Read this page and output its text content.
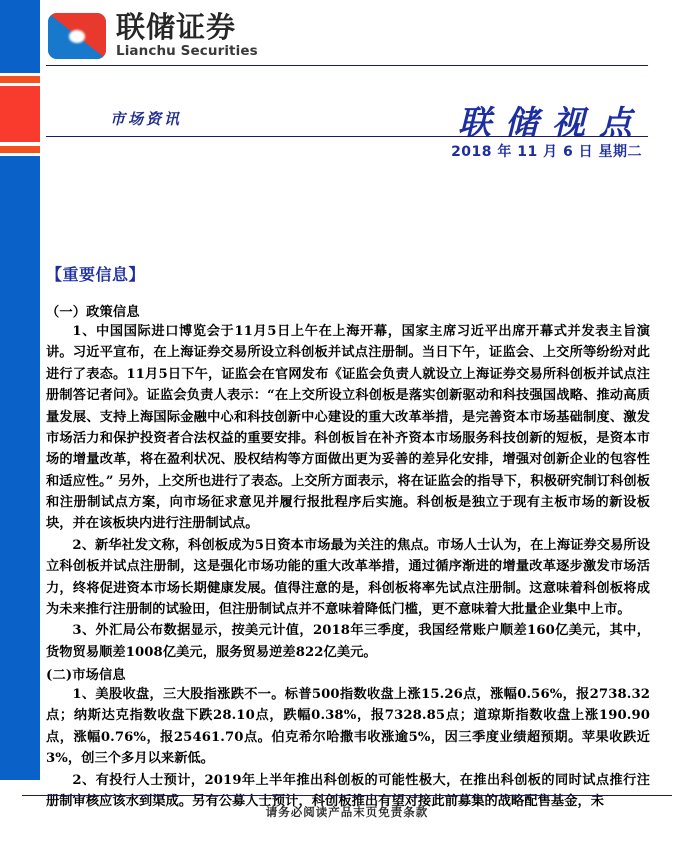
联储证券
Lianchu Securities
市场资讯	联储视点
2018 年 11 月 6 日 星期二
【重要信息】
（一）政策信息

1、中国国际进口博览会于11月5日上午在上海开幕，国家主席习近平出席开幕式并发表主旨演讲。习近平宣布，在上海证券交易所设立科创板并试点注册制。当日下午，证监会、上交所等纷纷对此进行了表态。11月5日下午，证监会在官网发布《证监会负责人就设立上海证券交易所科创板并试点注册制答记者问》。证监会负责人表示：“在上交所设立科创板是落实创新驱动和科技强国战略、推动高质量发展、支持上海国际金融中心和科技创新中心建设的重大改革举措，是完善资本市场基础制度、激发市场活力和保护投资者合法权益的重要安排。科创板旨在补齐资本市场服务科技创新的短板，是资本市场的增量改革，将在盈利状况、股权结构等方面做出更为妥善的差异化安排，增强对创新企业的包容性和适应性。” 另外，上交所也进行了表态。上交所方面表示，将在证监会的指导下，积极研究制订科创板和注册制试点方案，向市场征求意见并履行报批程序后实施。科创板是独立于现有主板市场的新设板块，并在该板块内进行注册制试点。

2、新华社发文称，科创板成为5日资本市场最为关注的焦点。市场人士认为，在上海证券交易所设立科创板并试点注册制，这是强化市场功能的重大改革举措，通过循序渐进的增量改革逐步激发市场活力，终将促进资本市场长期健康发展。值得注意的是，科创板将率先试点注册制。这意味着科创板将成为未来推行注册制的试验田，但注册制试点并不意味着降低门槛，更不意味着大批量企业集中上市。

3、外汇局公布数据显示，按美元计值，2018年三季度，我国经常账户顺差160亿美元，其中，货物贸易顺差1008亿美元，服务贸易逆差822亿美元。

(二)市场信息

1、美股收盘，三大股指涨跌不一。标普500指数收盘上涨15.26点，涨幅0.56%，报2738.32点；纳斯达克指数收盘下跌28.10点，跌幅0.38%，报7328.85点；道琼斯指数收盘上涨190.90点，涨幅0.76%，报25461.70点。伯克希尔哈撒韦收涨逾5%，因三季度业绩超预期。苹果收跌近3%，创三个多月以来新低。

2、有投行人士预计，2019年上半年推出科创板的可能性极大，在推出科创板的同时试点推行注册制审核应该水到渠成。另有公募人士预计，科创板推出有望对接此前募集的战略配售基金，未

请务必阅读产品末页免责条款
